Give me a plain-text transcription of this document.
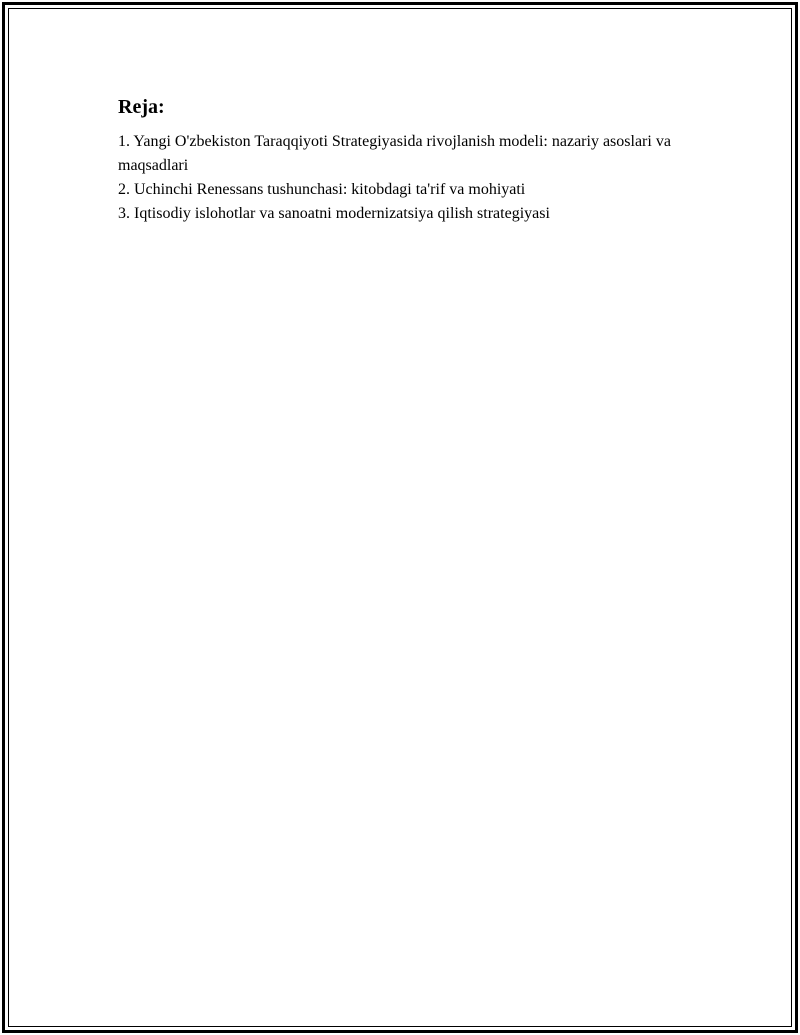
Reja:
1. Yangi O'zbekiston Taraqqiyoti Strategiyasida rivojlanish modeli: nazariy asoslari va maqsadlari
2. Uchinchi Renessans tushunchasi: kitobdagi ta'rif va mohiyati
3. Iqtisodiy islohotlar va sanoatni modernizatsiya qilish strategiyasi
